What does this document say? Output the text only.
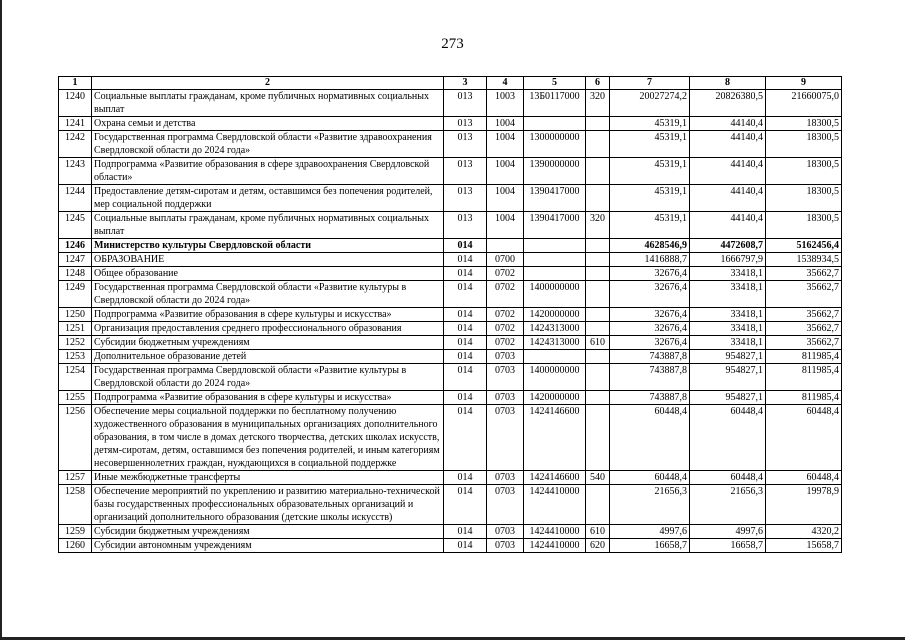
273
1	2	3	4	5	6	7	8	9
1240	Социальные выплаты гражданам, кроме публичных нормативных социальных выплат	013	1003	13Б0117000	320	20027274,2	20826380,5	21660075,0
1241	Охрана семьи и детства	013	1004			45319,1	44140,4	18300,5
1242	Государственная программа Свердловской области «Развитие здравоохранения Свердловской области до 2024 года»	013	1004	1300000000		45319,1	44140,4	18300,5
1243	Подпрограмма «Развитие образования в сфере здравоохранения Свердловской области»	013	1004	1390000000		45319,1	44140,4	18300,5
1244	Предоставление детям-сиротам и детям, оставшимся без попечения родителей, мер социальной поддержки	013	1004	1390417000		45319,1	44140,4	18300,5
1245	Социальные выплаты гражданам, кроме публичных нормативных социальных выплат	013	1004	1390417000	320	45319,1	44140,4	18300,5
1246	Министерство культуры Свердловской области	014				4628546,9	4472608,7	5162456,4
1247	ОБРАЗОВАНИЕ	014	0700			1416888,7	1666797,9	1538934,5
1248	Общее образование	014	0702			32676,4	33418,1	35662,7
1249	Государственная программа Свердловской области «Развитие культуры в Свердловской области до 2024 года»	014	0702	1400000000		32676,4	33418,1	35662,7
1250	Подпрограмма «Развитие образования в сфере культуры и искусства»	014	0702	1420000000		32676,4	33418,1	35662,7
1251	Организация предоставления среднего профессионального образования	014	0702	1424313000		32676,4	33418,1	35662,7
1252	Субсидии бюджетным учреждениям	014	0702	1424313000	610	32676,4	33418,1	35662,7
1253	Дополнительное образование детей	014	0703			743887,8	954827,1	811985,4
1254	Государственная программа Свердловской области «Развитие культуры в Свердловской области до 2024 года»	014	0703	1400000000		743887,8	954827,1	811985,4
1255	Подпрограмма «Развитие образования в сфере культуры и искусства»	014	0703	1420000000		743887,8	954827,1	811985,4
1256	Обеспечение меры социальной поддержки по бесплатному получению художественного образования в муниципальных организациях дополнительного образования, в том числе в домах детского творчества, детских школах искусств, детям-сиротам, детям, оставшимся без попечения родителей, и иным категориям несовершеннолетних граждан, нуждающихся в социальной поддержке	014	0703	1424146600		60448,4	60448,4	60448,4
1257	Иные межбюджетные трансферты	014	0703	1424146600	540	60448,4	60448,4	60448,4
1258	Обеспечение мероприятий по укреплению и развитию материально-технической базы государственных профессиональных образовательных организаций и организаций дополнительного образования (детские школы искусств)	014	0703	1424410000		21656,3	21656,3	19978,9
1259	Субсидии бюджетным учреждениям	014	0703	1424410000	610	4997,6	4997,6	4320,2
1260	Субсидии автономным учреждениям	014	0703	1424410000	620	16658,7	16658,7	15658,7
